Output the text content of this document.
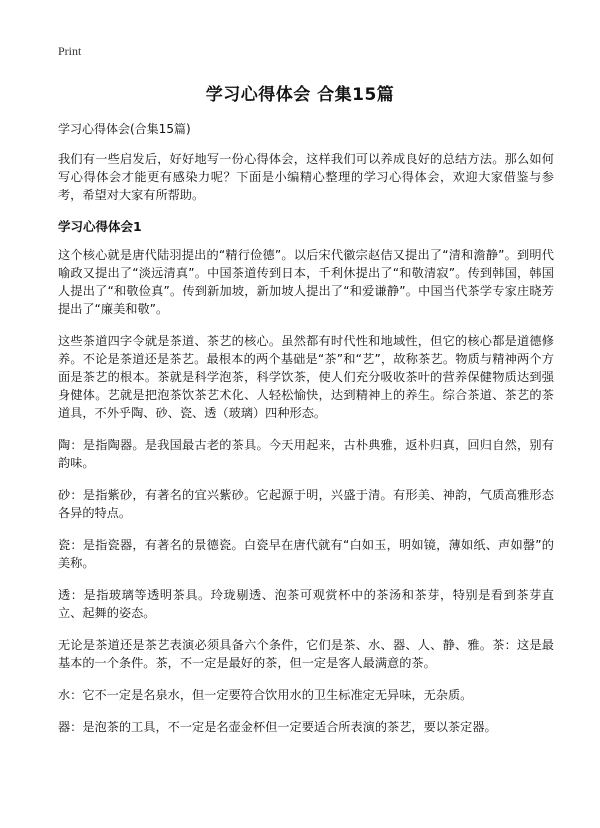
Print
学习心得体会 合集15篇
学习心得体会(合集15篇)

我们有一些启发后，好好地写一份心得体会，这样我们可以养成良好的总结方法。那么如何写心得体会才能更有感染力呢？下面是小编精心整理的学习心得体会，欢迎大家借鉴与参考，希望对大家有所帮助。

学习心得体会1

这个核心就是唐代陆羽提出的“精行俭德”。以后宋代徽宗赵佶又提出了“清和澹静”。到明代喻政又提出了“淡远清真”。中国茶道传到日本，千利休提出了“和敬清寂”。传到韩国，韩国人提出了“和敬俭真”。传到新加坡，新加坡人提出了“和爱谦静”。中国当代茶学专家庄晓芳提出了“廉美和敬”。

这些茶道四字令就是茶道、茶艺的核心。虽然都有时代性和地域性，但它的核心都是道德修养。不论是茶道还是茶艺。最根本的两个基础是“茶”和“艺”，故称茶艺。物质与精神两个方面是茶艺的根本。茶就是科学泡茶，科学饮茶，使人们充分吸收茶叶的营养保健物质达到强身健体。艺就是把泡茶饮茶艺术化、人轻松愉快，达到精神上的养生。综合茶道、茶艺的茶道具，不外乎陶、砂、瓷、透（玻璃）四种形态。

陶：是指陶器。是我国最古老的茶具。今天用起来，古朴典雅，返朴归真，回归自然，别有韵味。

砂：是指紫砂，有著名的宜兴紫砂。它起源于明，兴盛于清。有形美、神韵，气质高雅形态各异的特点。

瓷：是指瓷器，有著名的景德瓷。白瓷早在唐代就有“白如玉，明如镜，薄如纸、声如罄”的美称。

透：是指玻璃等透明茶具。玲珑剔透、泡茶可观赏杯中的茶汤和茶芽，特别是看到茶芽直立、起舞的姿态。

无论是茶道还是茶艺表演必须具备六个条件，它们是茶、水、器、人、静、雅。茶：这是最基本的一个条件。茶，不一定是最好的茶，但一定是客人最满意的茶。

水：它不一定是名泉水，但一定要符合饮用水的卫生标准定无异味，无杂质。

器：是泡茶的工具，不一定是名壶金杯但一定要适合所表演的茶艺，要以茶定器。
